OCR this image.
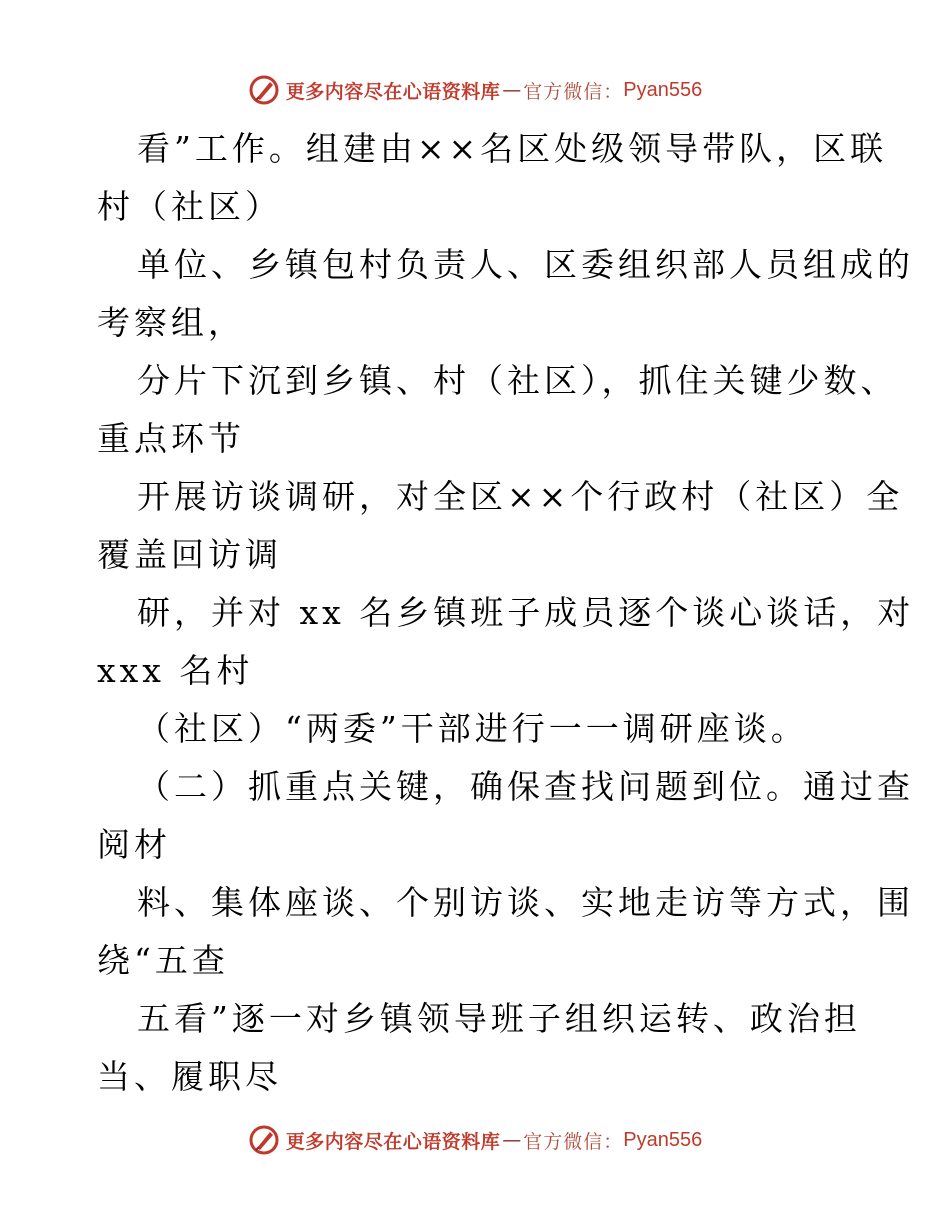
更多内容尽在心语资料库 — 官方微信： Pyan556
看”工作。组建由××名区处级领导带队，区联
村（社区）
单位、乡镇包村负责人、区委组织部人员组成的
考察组，
分片下沉到乡镇、村（社区），抓住关键少数、
重点环节
开展访谈调研，对全区××个行政村（社区）全
覆盖回访调
研，并对 xx 名乡镇班子成员逐个谈心谈话，对
xxx 名村
（社区）“两委”干部进行一一调研座谈。
（二）抓重点关键，确保查找问题到位。通过查
阅材
料、集体座谈、个别访谈、实地走访等方式，围
绕“五查
五看”逐一对乡镇领导班子组织运转、政治担
当、履职尽
更多内容尽在心语资料库 — 官方微信： Pyan556
